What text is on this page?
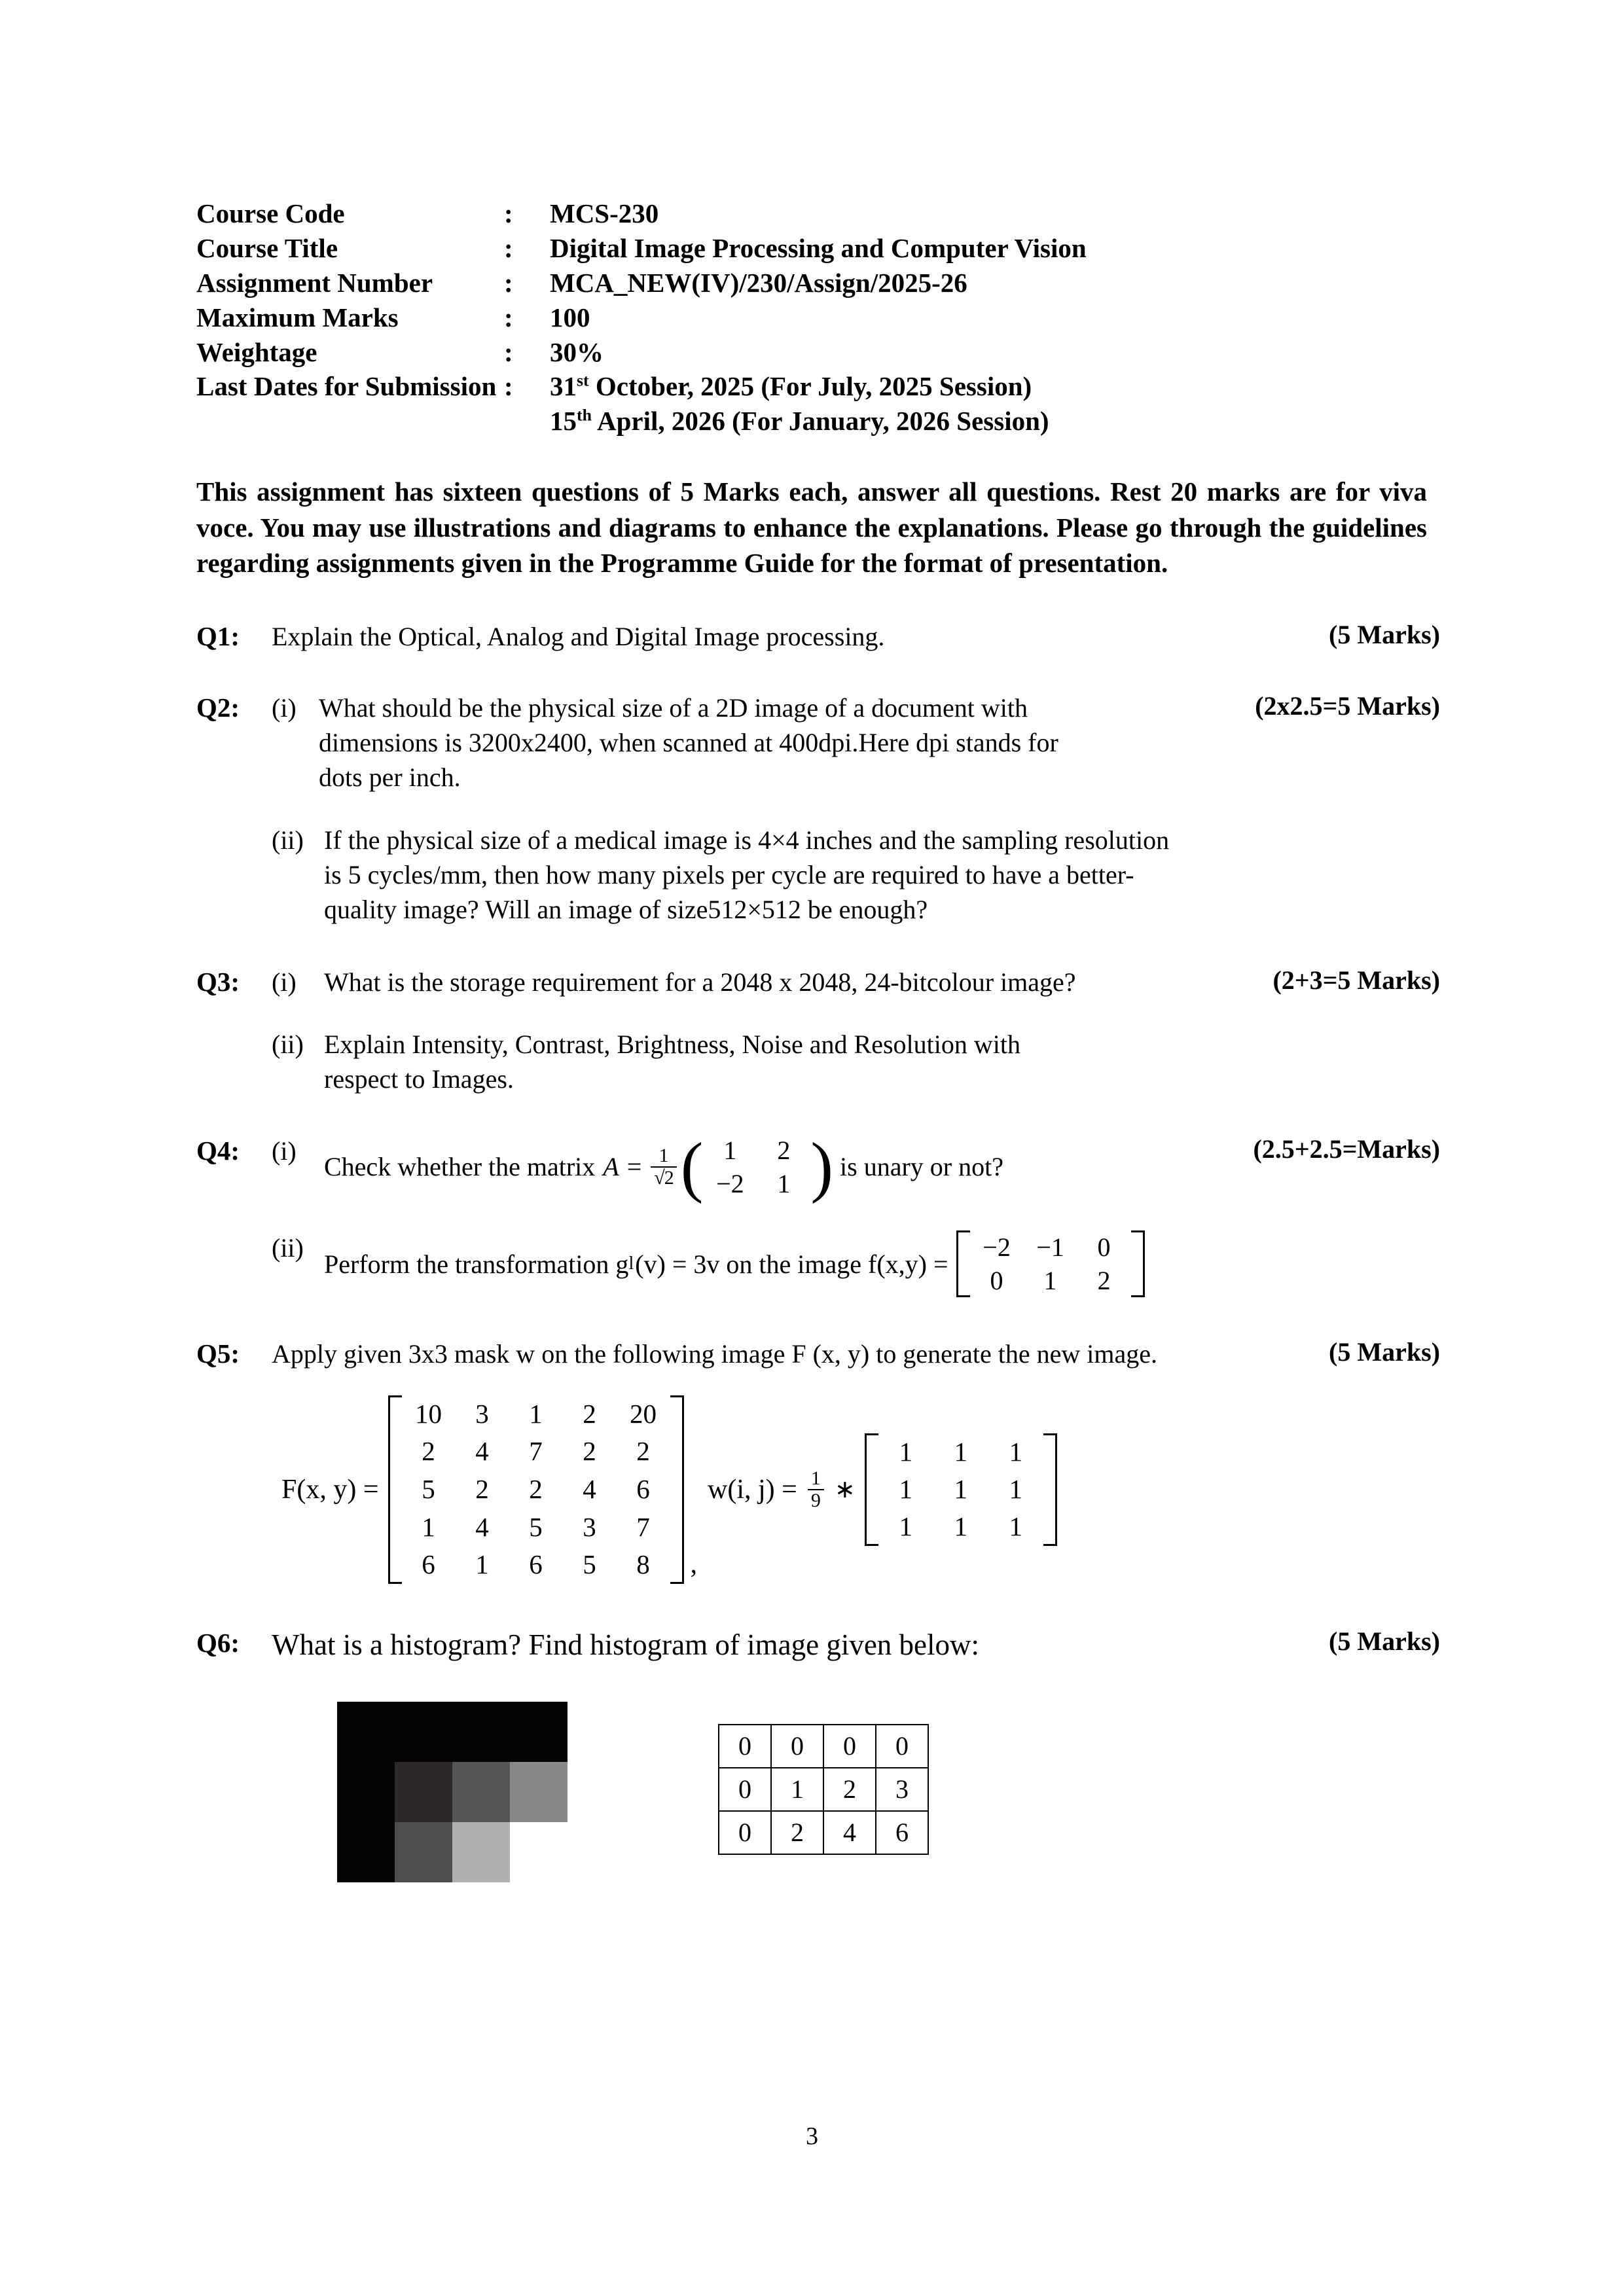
Course Code	:	MCS-230
Course Title	:	Digital Image Processing and Computer Vision
Assignment Number	:	MCA_NEW(IV)/230/Assign/2025-26
Maximum Marks	:	100
Weightage	:	30%
Last Dates for Submission :	31st October, 2025 (For July, 2025 Session)
15th April, 2026 (For January, 2026 Session)
This assignment has sixteen questions of 5 Marks each, answer all questions. Rest 20 marks are for viva voce. You may use illustrations and diagrams to enhance the explanations. Please go through the guidelines regarding assignments given in the Programme Guide for the format of presentation.
Q1:	(5 Marks)
Explain the Optical, Analog and Digital Image processing.
Q2:	(2x2.5=5 Marks)
(i) What should be the physical size of a 2D image of a document with dimensions is 3200x2400, when scanned at 400dpi.Here dpi stands for dots per inch.
(ii) If the physical size of a medical image is 4×4 inches and the sampling resolution is 5 cycles/mm, then how many pixels per cycle are required to have a better-quality image? Will an image of size512×512 be enough?
Q3:	(2+3=5 Marks)
(i)	What is the storage requirement for a 2048 x 2048, 24-bitcolour image?
(ii) Explain Intensity, Contrast, Brightness, Noise and Resolution with respect to Images.
Q4:	(2.5+2.5=Marks)
(i)
Check whether the matrix $A = \frac{1}{√2}$ ( 1	2
−2	1 ) is unary or not?
(ii)
Perform the transformation g l (v) = 3v on the image f(x,y) =
−2 −1	0
0	1	2
Q5:	(5 Marks)
Apply given 3x3 mask w on the following image F (x, y) to generate the new image.
F(x, y) =
10	3	1	2	20
2	4	7	2	2
5	2	2	4	6
1	4	5	3	7
6	1	6	5	8	,
w(i, $j) = \frac{1}{9}$ ∗
1	1	1
1	1	1
1	1	1
Q6:	(5 Marks)
What is a histogram? Find histogram of image given below:
0	0	0	0
0	1	2	3
0	2	4	6
3
